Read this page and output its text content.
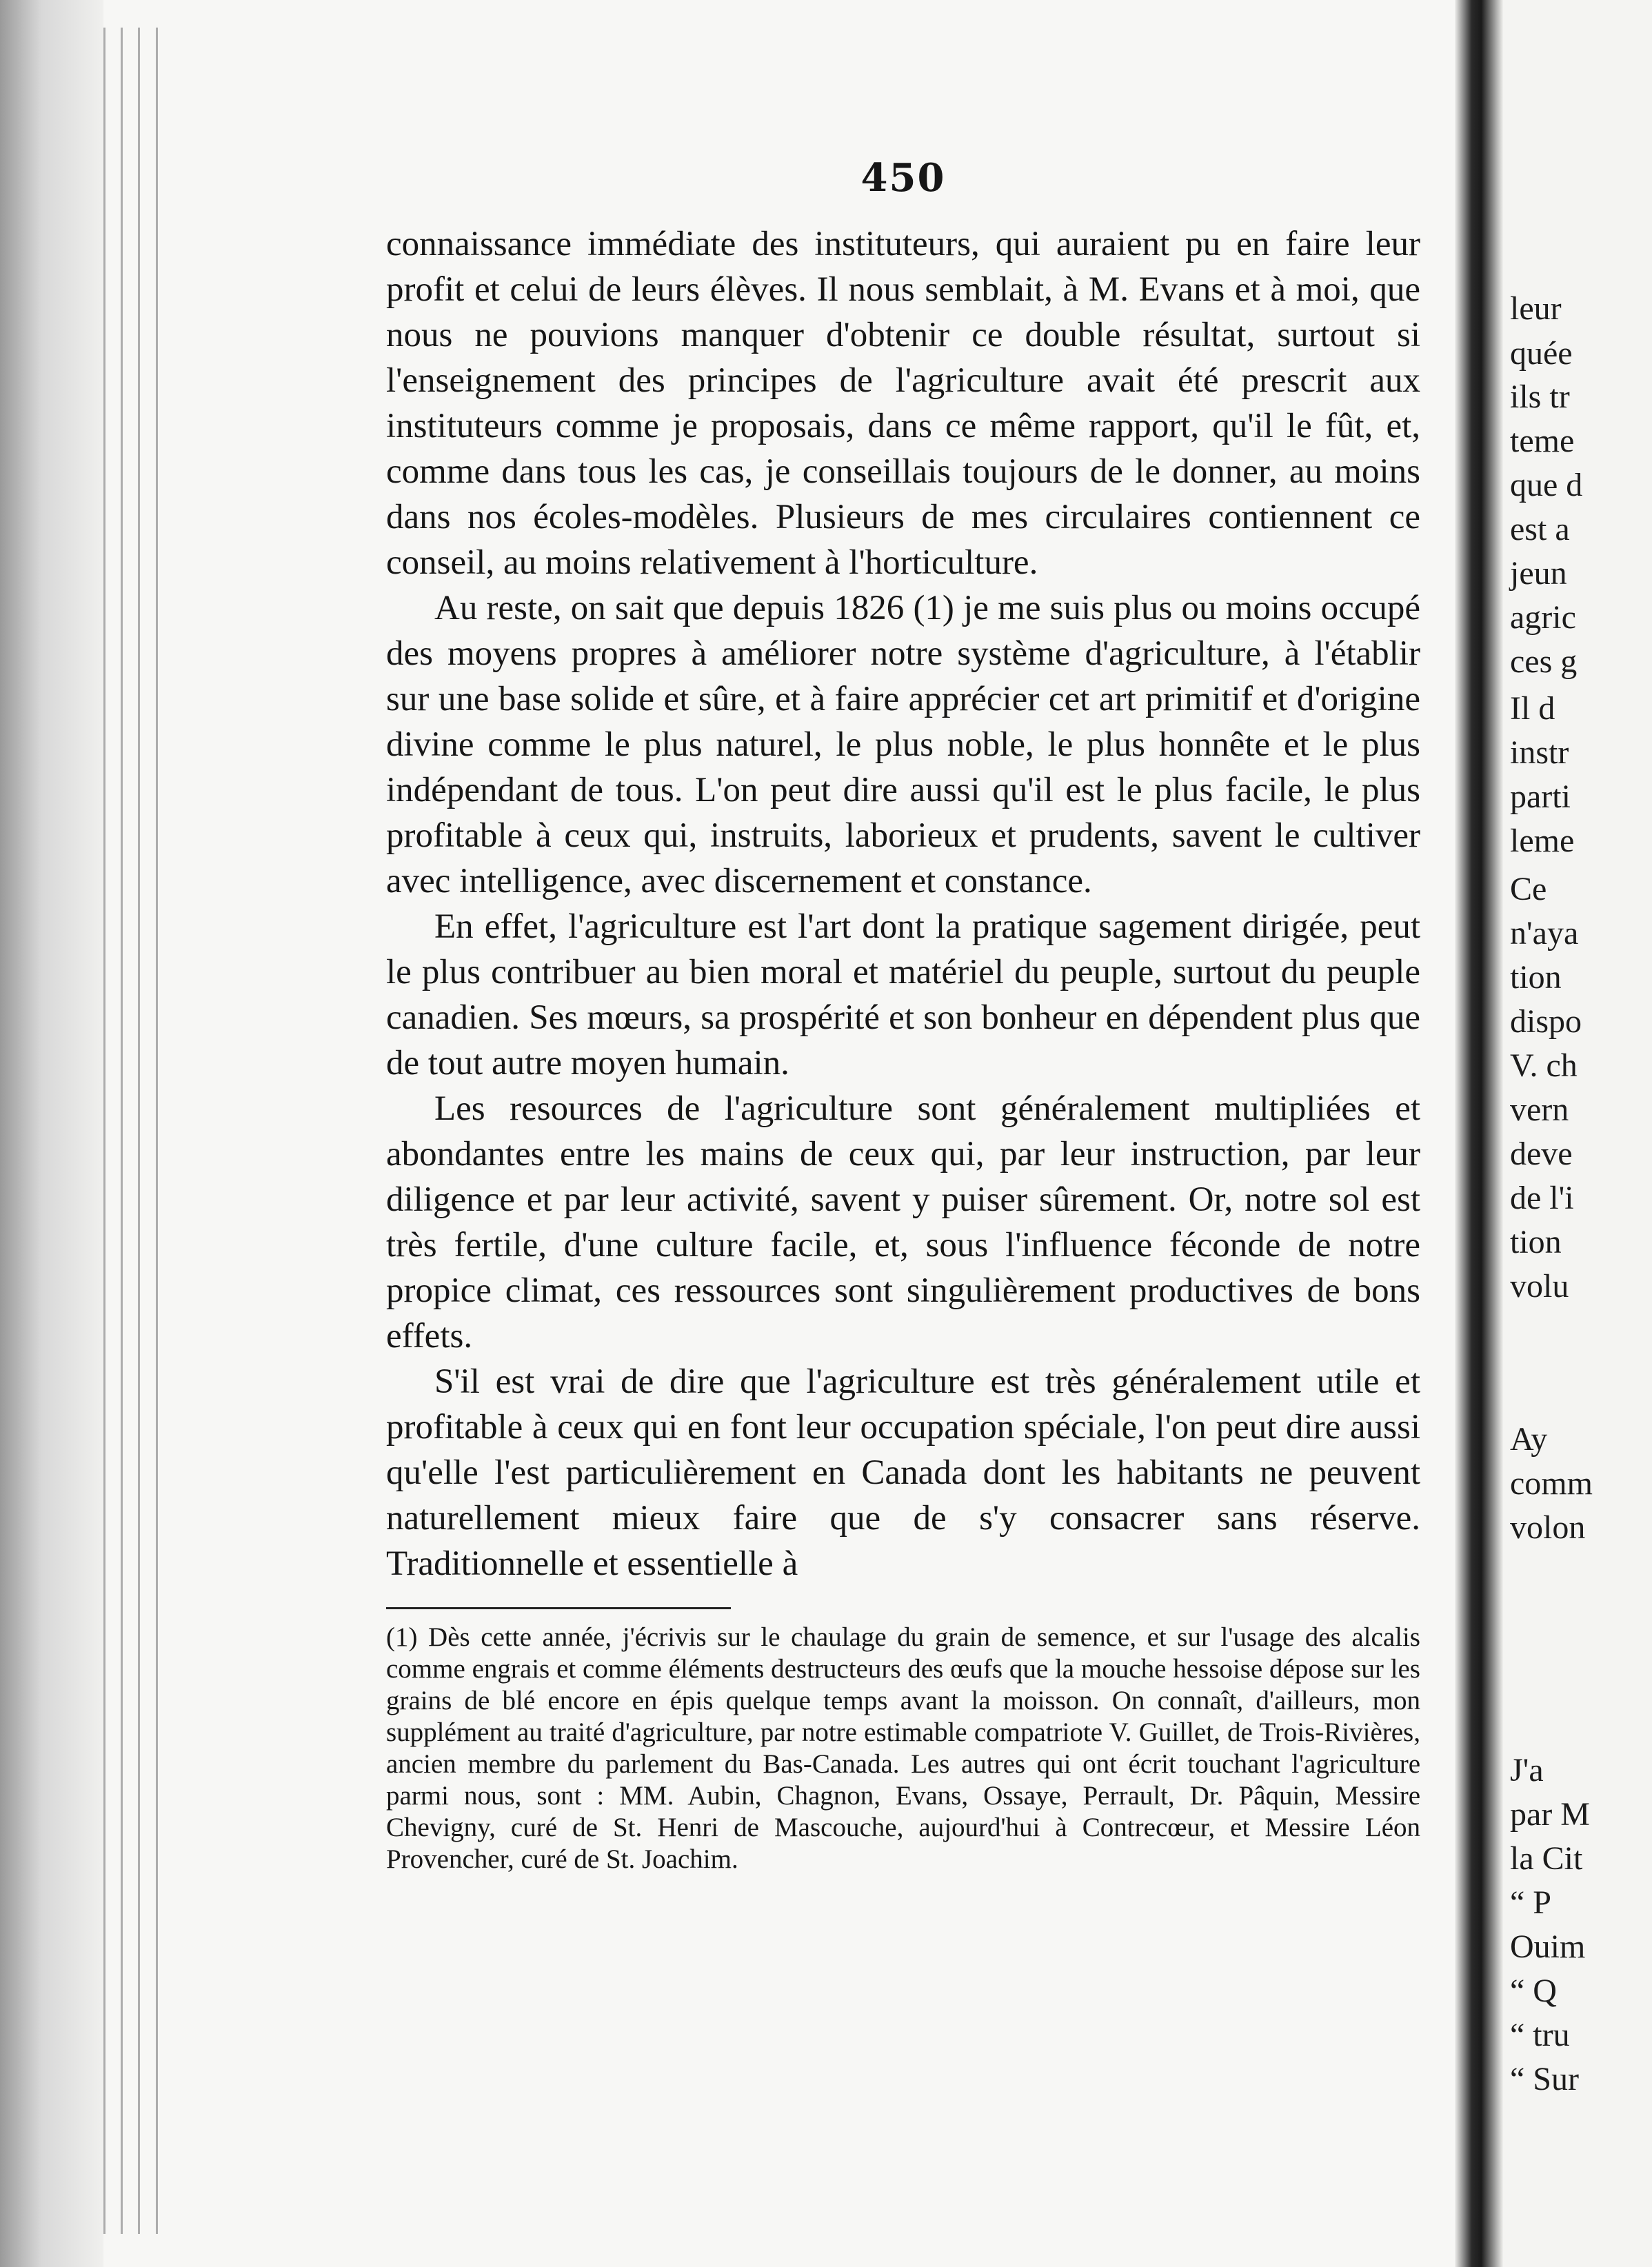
450

connaissance immédiate des instituteurs, qui auraient pu en faire leur profit et celui de leurs élèves. Il nous semblait, à M. Evans et à moi, que nous ne pouvions manquer d'obtenir ce double résultat, surtout si l'enseignement des principes de l'agriculture avait été prescrit aux instituteurs comme je proposais, dans ce même rapport, qu'il le fût, et, comme dans tous les cas, je conseillais toujours de le donner, au moins dans nos écoles-modèles. Plusieurs de mes circulaires contiennent ce conseil, au moins relativement à l'horticulture.

Au reste, on sait que depuis 1826 (1) je me suis plus ou moins occupé des moyens propres à améliorer notre système d'agriculture, à l'établir sur une base solide et sûre, et à faire apprécier cet art primitif et d'origine divine comme le plus naturel, le plus noble, le plus honnête et le plus indépendant de tous. L'on peut dire aussi qu'il est le plus facile, le plus profitable à ceux qui, instruits, laborieux et prudents, savent le cultiver avec intelligence, avec discernement et constance.

En effet, l'agriculture est l'art dont la pratique sagement dirigée, peut le plus contribuer au bien moral et matériel du peuple, surtout du peuple canadien. Ses mœurs, sa prospérité et son bonheur en dépendent plus que de tout autre moyen humain.

Les resources de l'agriculture sont généralement multipliées et abondantes entre les mains de ceux qui, par leur instruction, par leur diligence et par leur activité, savent y puiser sûrement. Or, notre sol est très fertile, d'une culture facile, et, sous l'influence féconde de notre propice climat, ces ressources sont singulièrement productives de bons effets.

S'il est vrai de dire que l'agriculture est très généralement utile et profitable à ceux qui en font leur occupation spéciale, l'on peut dire aussi qu'elle l'est particulièrement en Canada dont les habitants ne peuvent naturellement mieux faire que de s'y consacrer sans réserve. Traditionnelle et essentielle à

(1) Dès cette année, j'écrivis sur le chaulage du grain de semence, et sur l'usage des alcalis comme engrais et comme éléments destructeurs des œufs que la mouche hessoise dépose sur les grains de blé encore en épis quelque temps avant la moisson. On connaît, d'ailleurs, mon supplément au traité d'agriculture, par notre estimable compatriote V. Guillet, de Trois-Rivières, ancien membre du parlement du Bas-Canada. Les autres qui ont écrit touchant l'agriculture parmi nous, sont : MM. Aubin, Chagnon, Evans, Ossaye, Perrault, Dr. Pâquin, Messire Chevigny, curé de St. Henri de Mascouche, aujourd'hui à Contrecœur, et Messire Léon Provencher, curé de St. Joachim.
leur
quée
ils tr
teme
que d
est a
jeun
agric
ces g
Il d
instr
parti
leme
Ce
n'aya
tion
dispo
V. ch
vern
deve
de l'i
tion
volu
Ay
comm
volon
J'a
par M
la Cit
“ P
Ouim
“ Q
“ tru
“ Sur
